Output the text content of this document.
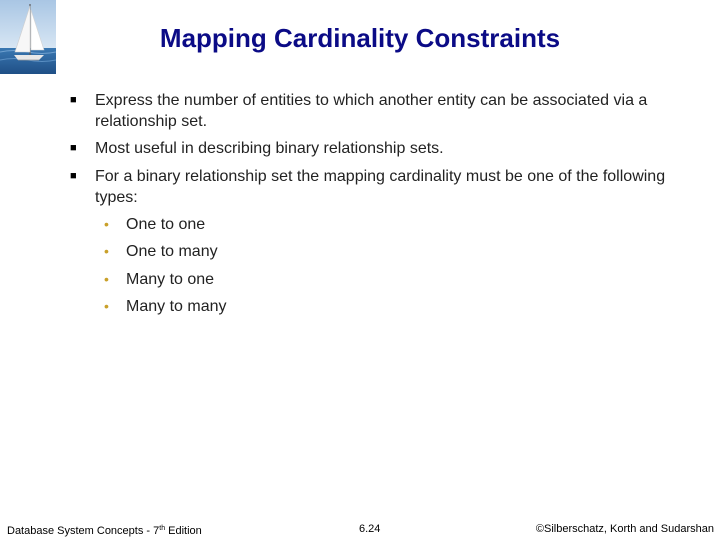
Mapping Cardinality Constraints
■ Express the number of entities to which another entity can be associated via a relationship set.
■ Most useful in describing binary relationship sets.
■ For a binary relationship set the mapping cardinality must be one of the following types:
• One to one
• One to many
• Many to one
• Many to many
Database System Concepts - 7th Edition	6.24	©Silberschatz, Korth and Sudarshan
